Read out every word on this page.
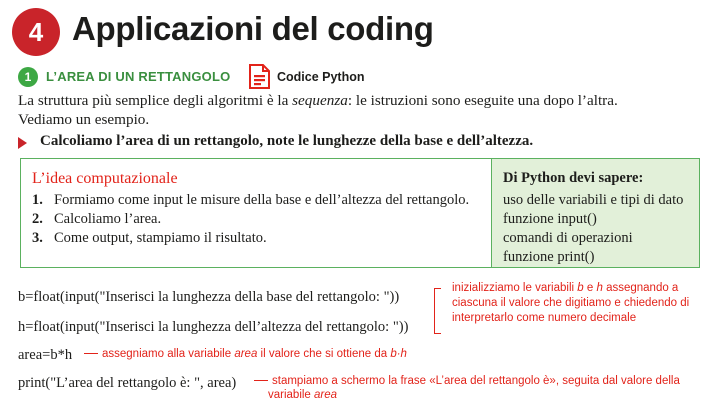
4 Applicazioni del coding
1	L’AREA DI UN RETTANGOLO	Codice Python
La struttura più semplice degli algoritmi è la sequenza: le istruzioni sono eseguite una dopo l’altra.
Vediamo un esempio.
Calcoliamo l’area di un rettangolo, note le lunghezze della base e dell’altezza.
L’idea computazionale
1. Formiamo come input le misure della base e dell’altezza del rettangolo.
2. Calcoliamo l’area.
3. Come output, stampiamo il risultato.
Di Python devi sapere:
uso delle variabili e tipi di dato
funzione input()
comandi di operazioni
funzione print()
b=float(input("Inserisci la lunghezza della base del rettangolo: "))
h=float(input("Inserisci la lunghezza dell’altezza del rettangolo: "))
area=b*h
print("L’area del rettangolo è: ", area)
inizializziamo le variabili b e h assegnando a ciascuna il valore che digitiamo e chiedendo di interpretarlo come numero decimale
assegniamo alla variabile area il valore che si ottiene da b·h
stampiamo a schermo la frase «L’area del rettangolo è», seguita dal valore della
variabile area
